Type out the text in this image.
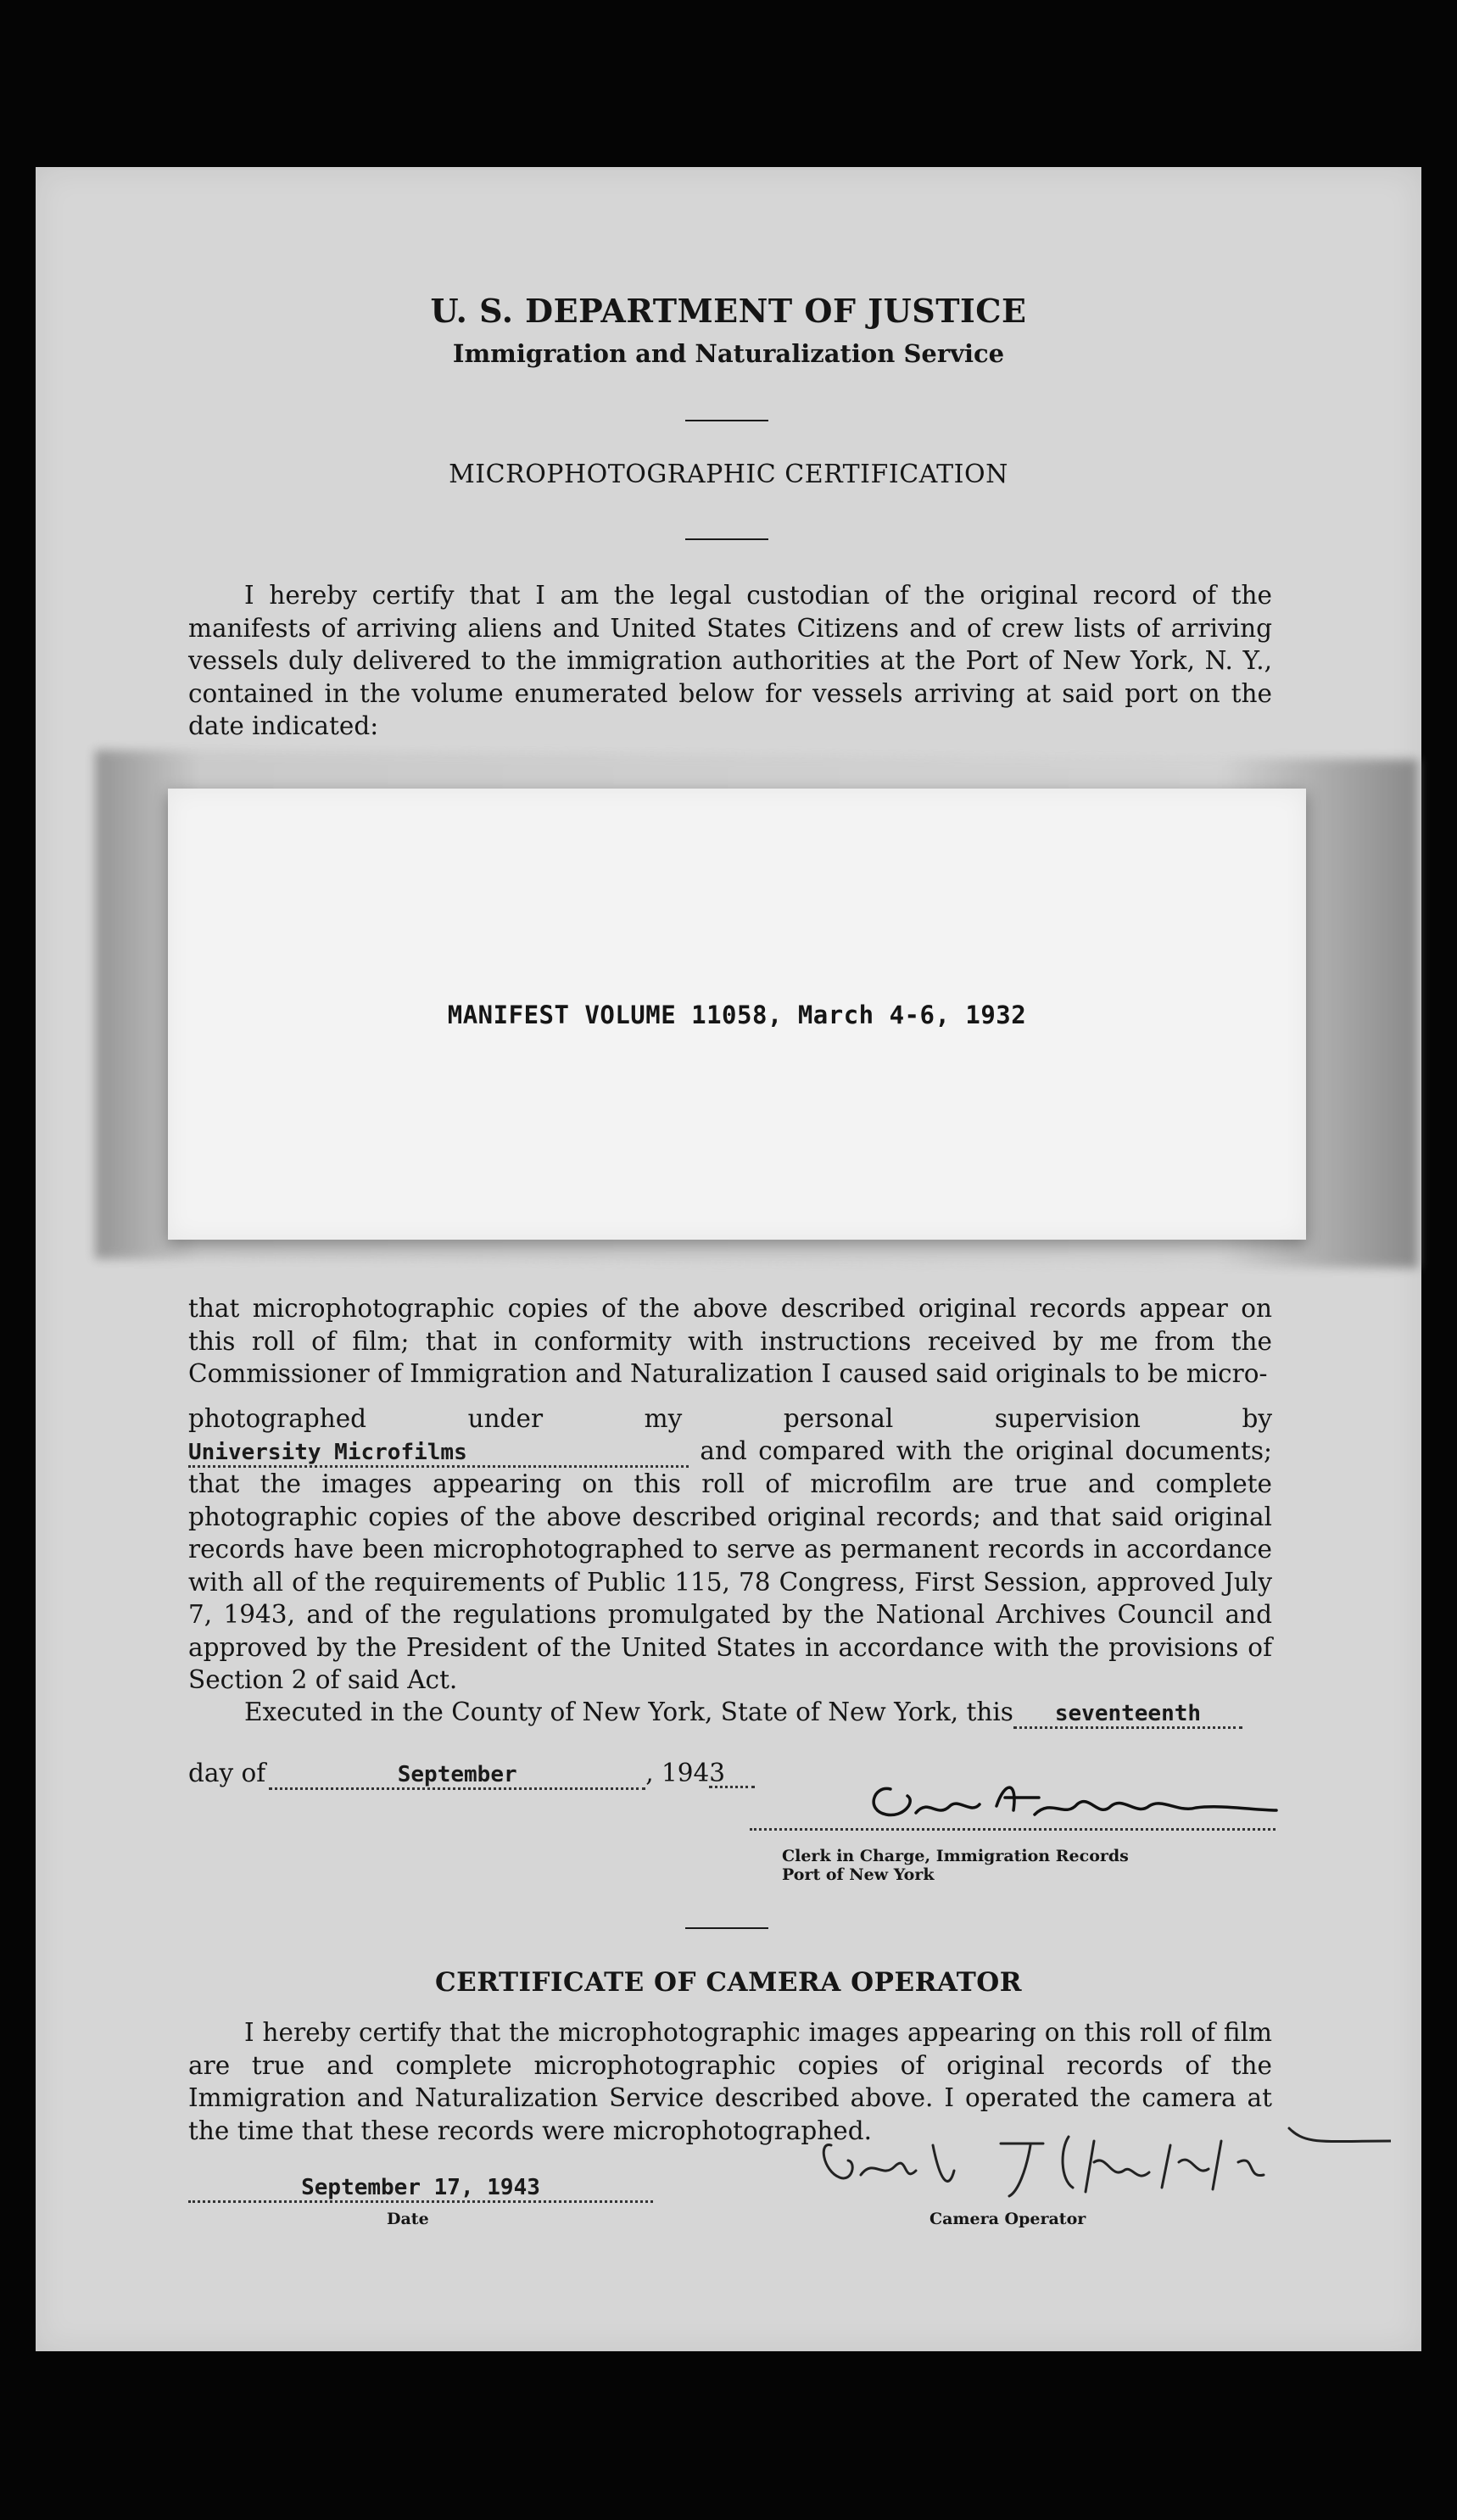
U. S. DEPARTMENT OF JUSTICE
Immigration and Naturalization Service
MICROPHOTOGRAPHIC CERTIFICATION
I hereby certify that I am the legal custodian of the original record of the manifests of arriving aliens and United States Citizens and of crew lists of arriving vessels duly delivered to the immigration authorities at the Port of New York, N. Y., contained in the volume enumerated below for vessels arriving at said port on the date indicated:
MANIFEST VOLUME 11058, March 4-6, 1932
that microphotographic copies of the above described original records appear on this roll of film; that in conformity with instructions received by me from the Commissioner of Immigration and Naturalization I caused said originals to be micro-
photographed under my personal supervision byUniversity Microfilms	and compared with the original documents; that the images appearing on this roll of microfilm are true and complete photographic copies of the above described original records; and that said original records have been microphotographed to serve as permanent records in accordance with all of the requirements of Public 115, 78 Congress, First Session, approved July 7, 1943, and of the regulations promulgated by the National Archives Council and approved by the President of the United States in accordance with the provisions of Section 2 of said Act.
Executed in the County of New York, State of New York, this seventeenth
day of	September	, 1943
Clerk in Charge, Immigration Records
Port of New York
CERTIFICATE OF CAMERA OPERATOR
I hereby certify that the microphotographic images appearing on this roll of film are true and complete microphotographic copies of original records of the Immigration and Naturalization Service described above. I operated the camera at the time that these records were microphotographed.
September 17, 1943
Date	Camera Operator
